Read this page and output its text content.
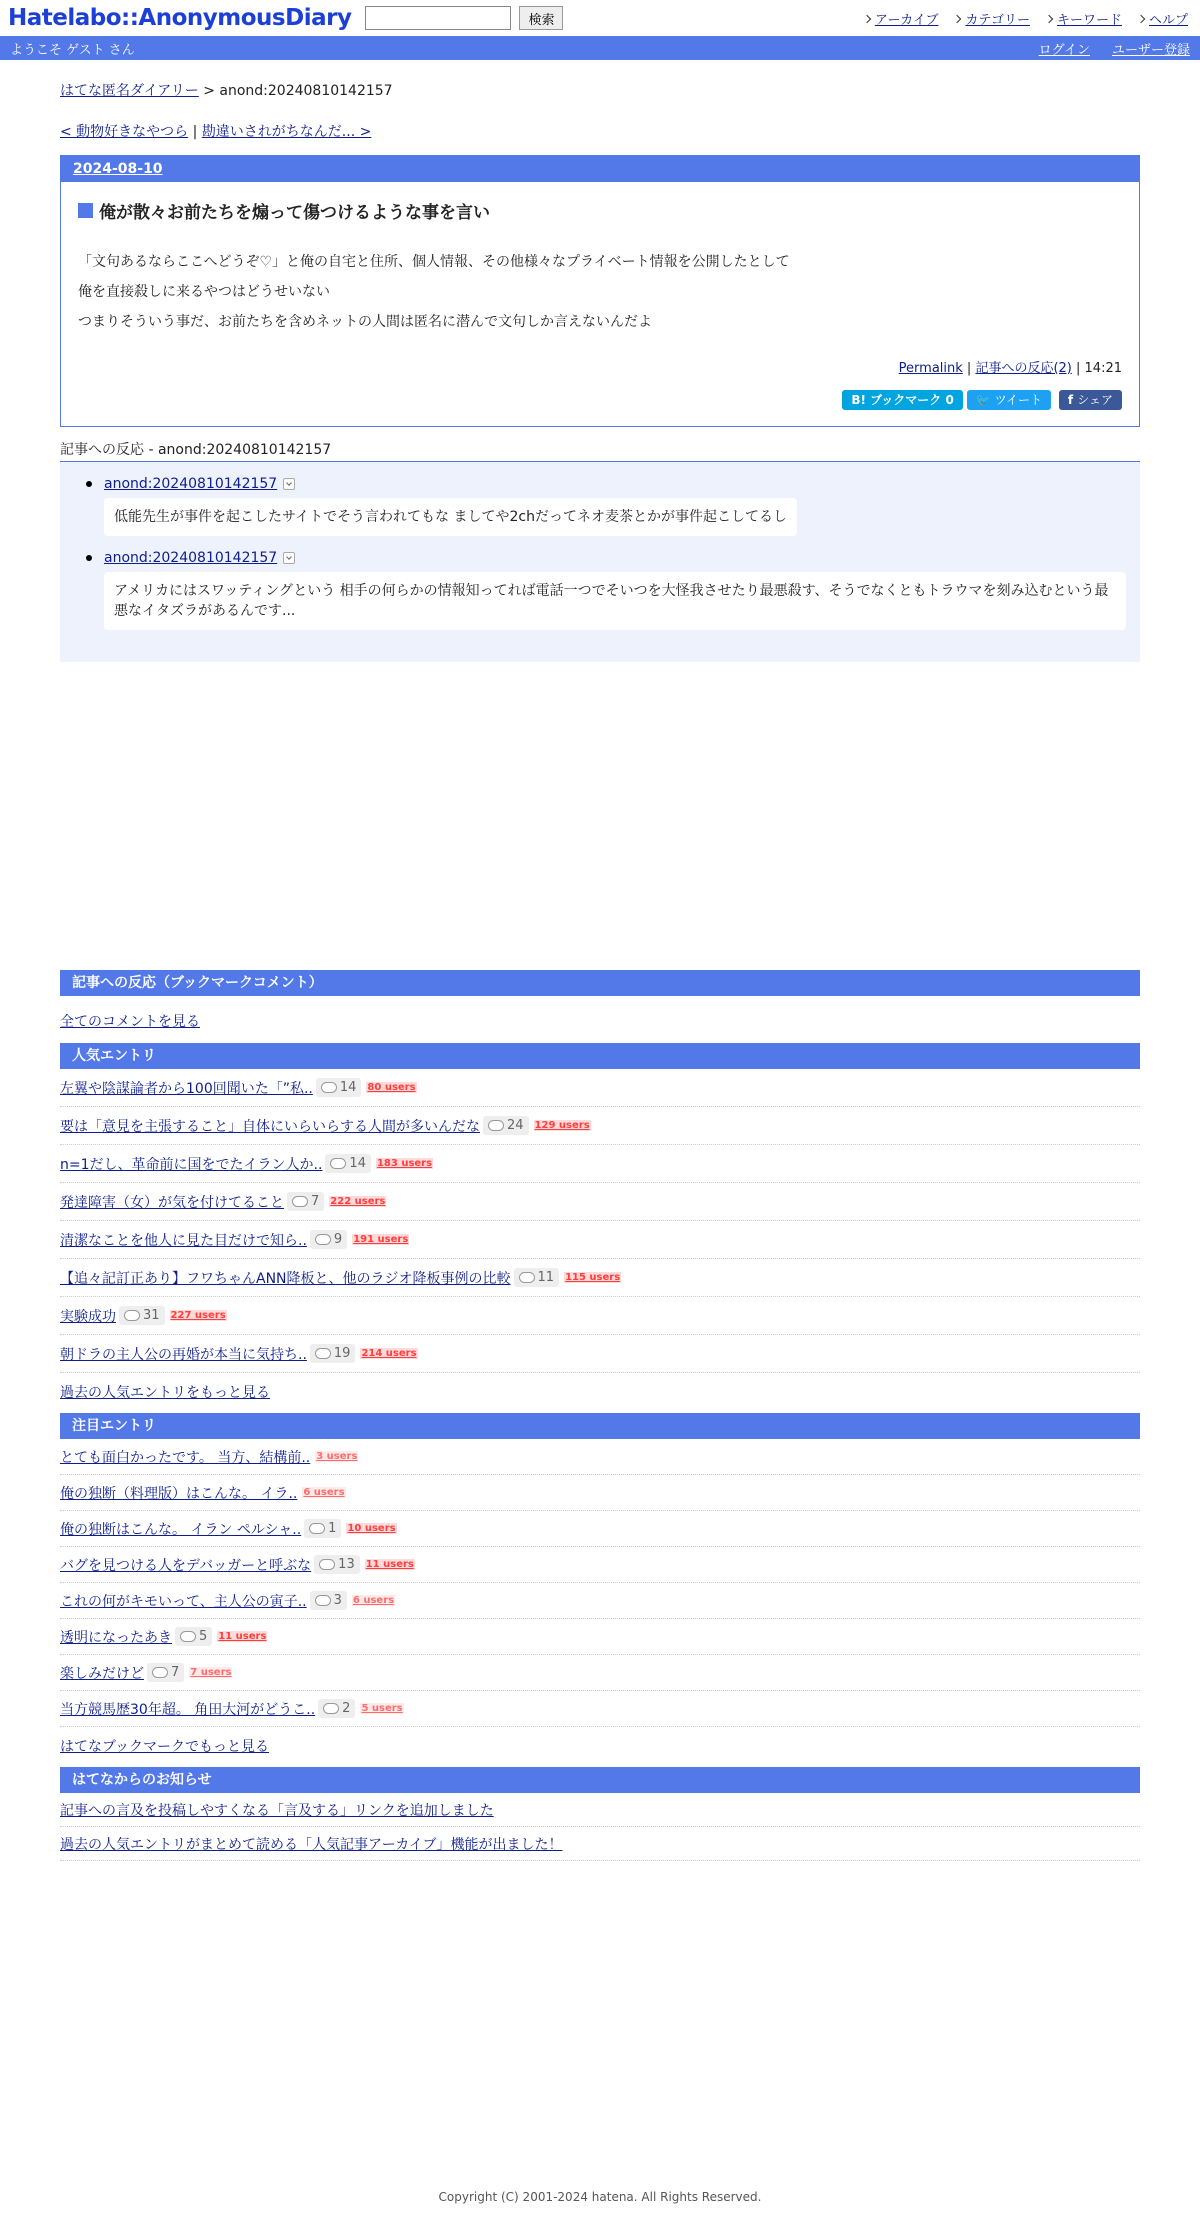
Hatelabo::AnonymousDiary	検索	アーカイブ カテゴリー キーワード ヘルプ
ようこそ ゲスト さん	ログイン ユーザー登録
はてな匿名ダイアリー > anond:20240810142157
< 動物好きなやつら | 勘違いされがちなんだ... >
2024-08-10
俺が散々お前たちを煽って傷つけるような事を言い
「文句あるならここへどうぞ♡」と俺の自宅と住所、個人情報、その他様々なプライベート情報を公開したとして
俺を直接殺しに来るやつはどうせいない
つまりそういう事だ、お前たちを含めネットの人間は匿名に潜んで文句しか言えないんだよ
Permalink | 記事への反応(2) | 14:21
B! ブックマーク 0 🐦 ツイート f シェア
記事への反応 - anond:20240810142157
anond:20240810142157
低能先生が事件を起こしたサイトでそう言われてもな ましてや2chだってネオ麦茶とかが事件起こしてるし
anond:20240810142157
アメリカにはスワッティングという 相手の何らかの情報知ってれば電話一つでそいつを大怪我させたり最悪殺す、そうでなくともトラウマを刻み込むという最悪なイタズラがあるんです...
記事への反応（ブックマークコメント）
全てのコメントを見る
人気エントリ
左翼や陰謀論者から100回聞いた「”私.. 14 80 users
要は「意見を主張すること」自体にいらいらする人間が多いんだな 24 129 users
n=1だし、革命前に国をでたイラン人か.. 14 183 users
発達障害（女）が気を付けてること 7 222 users
清潔なことを他人に見た目だけで知ら.. 9 191 users
【追々記訂正あり】フワちゃんANN降板と、他のラジオ降板事例の比較 11 115 users
実験成功 31 227 users
朝ドラの主人公の再婚が本当に気持ち.. 19 214 users
過去の人気エントリをもっと見る
注目エントリ
とても面白かったです。 当方、結構前.. 3 users
俺の独断（料理版）はこんな。 イラ.. 6 users
俺の独断はこんな。 イラン ペルシャ.. 1 10 users
バグを見つける人をデバッガーと呼ぶな 13 11 users
これの何がキモいって、主人公の寅子.. 3 6 users
透明になったあき 5 11 users
楽しみだけど 7 7 users
当方競馬歴30年超。 角田大河がどうこ.. 2 5 users
はてなブックマークでもっと見る
はてなからのお知らせ
記事への言及を投稿しやすくなる「言及する」リンクを追加しました
過去の人気エントリがまとめて読める「人気記事アーカイブ」機能が出ました！
Copyright (C) 2001-2024 hatena. All Rights Reserved.
